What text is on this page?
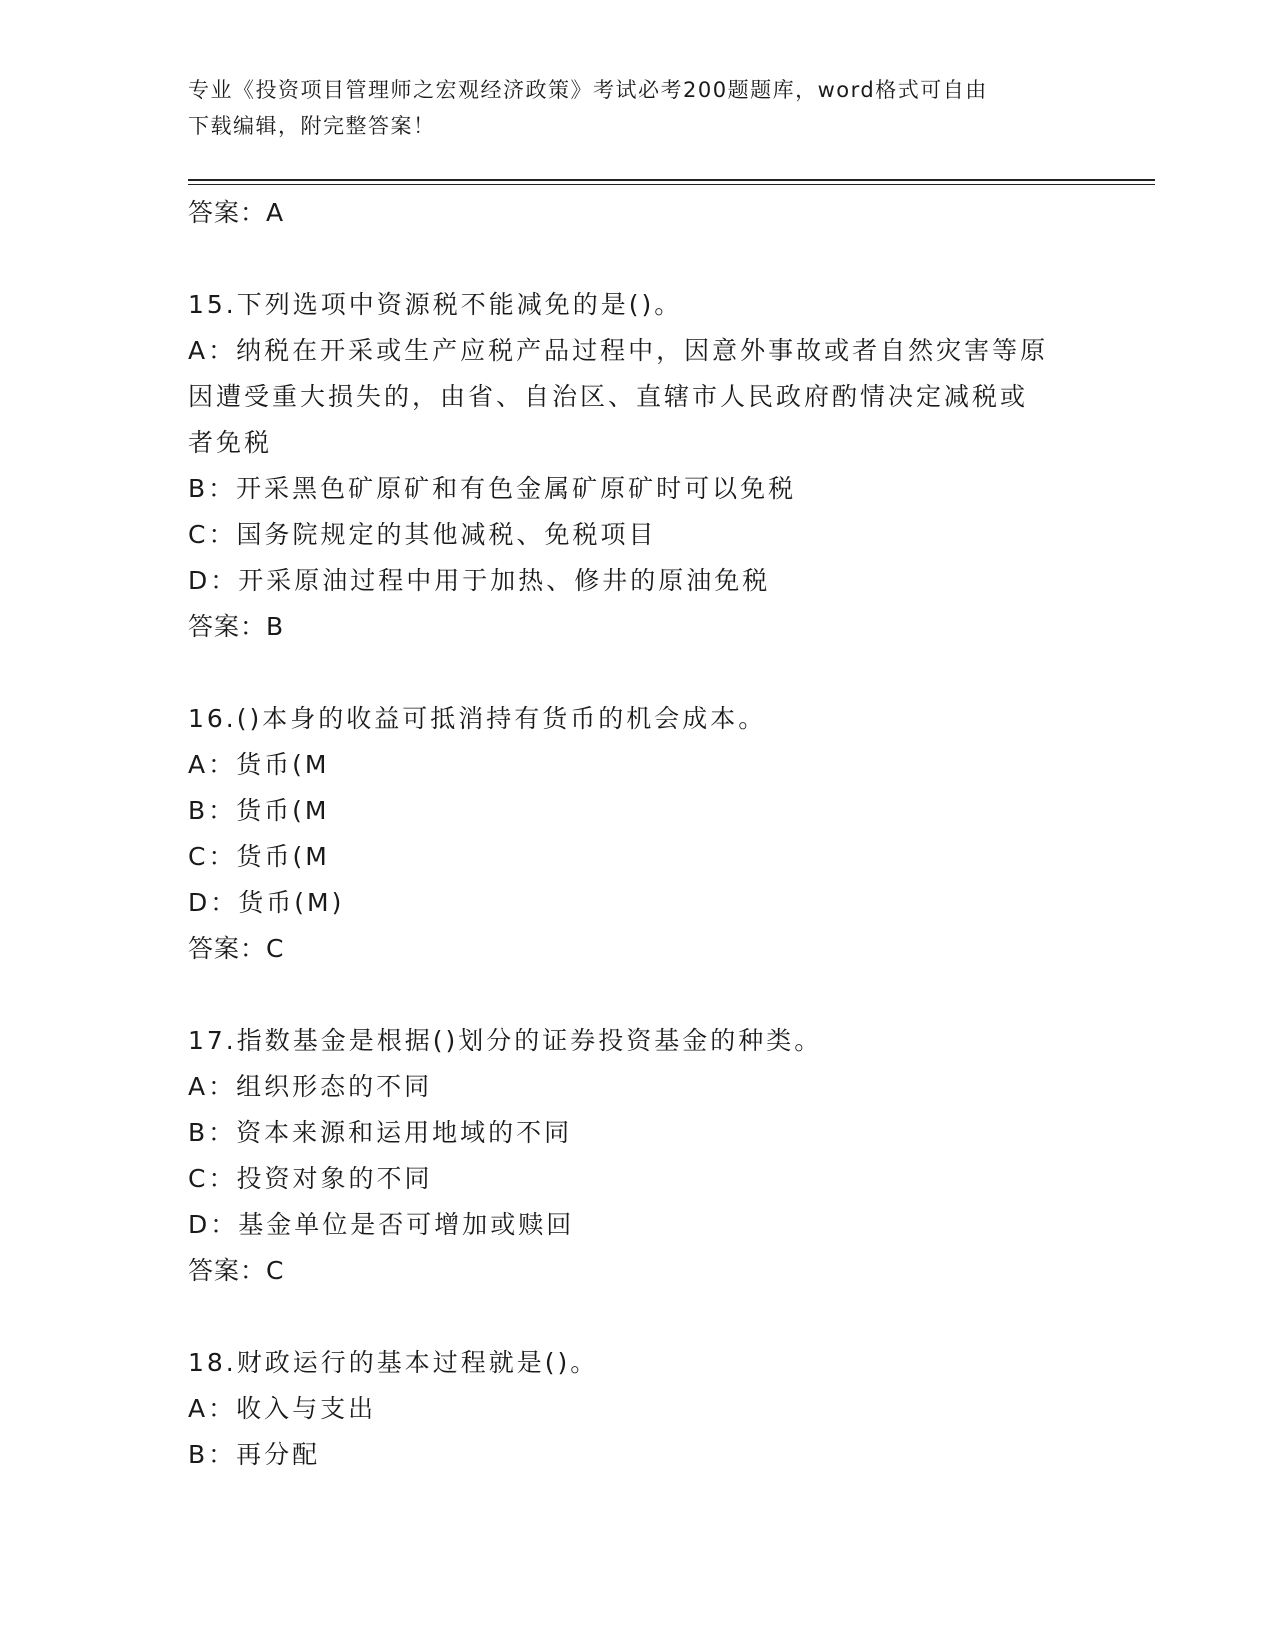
专业《投资项目管理师之宏观经济政策》考试必考200题题库，word格式可自由
下载编辑，附完整答案！
答案：A
15.下列选项中资源税不能减免的是()。
A：纳税在开采或生产应税产品过程中，因意外事故或者自然灾害等原
因遭受重大损失的，由省、自治区、直辖市人民政府酌情决定减税或
者免税
B：开采黑色矿原矿和有色金属矿原矿时可以免税
C：国务院规定的其他减税、免税项目
D：开采原油过程中用于加热、修井的原油免税
答案：B
16.()本身的收益可抵消持有货币的机会成本。
A：货币(M
B：货币(M
C：货币(M
D：货币(M)
答案：C
17.指数基金是根据()划分的证券投资基金的种类。
A：组织形态的不同
B：资本来源和运用地域的不同
C：投资对象的不同
D：基金单位是否可增加或赎回
答案：C
18.财政运行的基本过程就是()。
A：收入与支出
B：再分配
